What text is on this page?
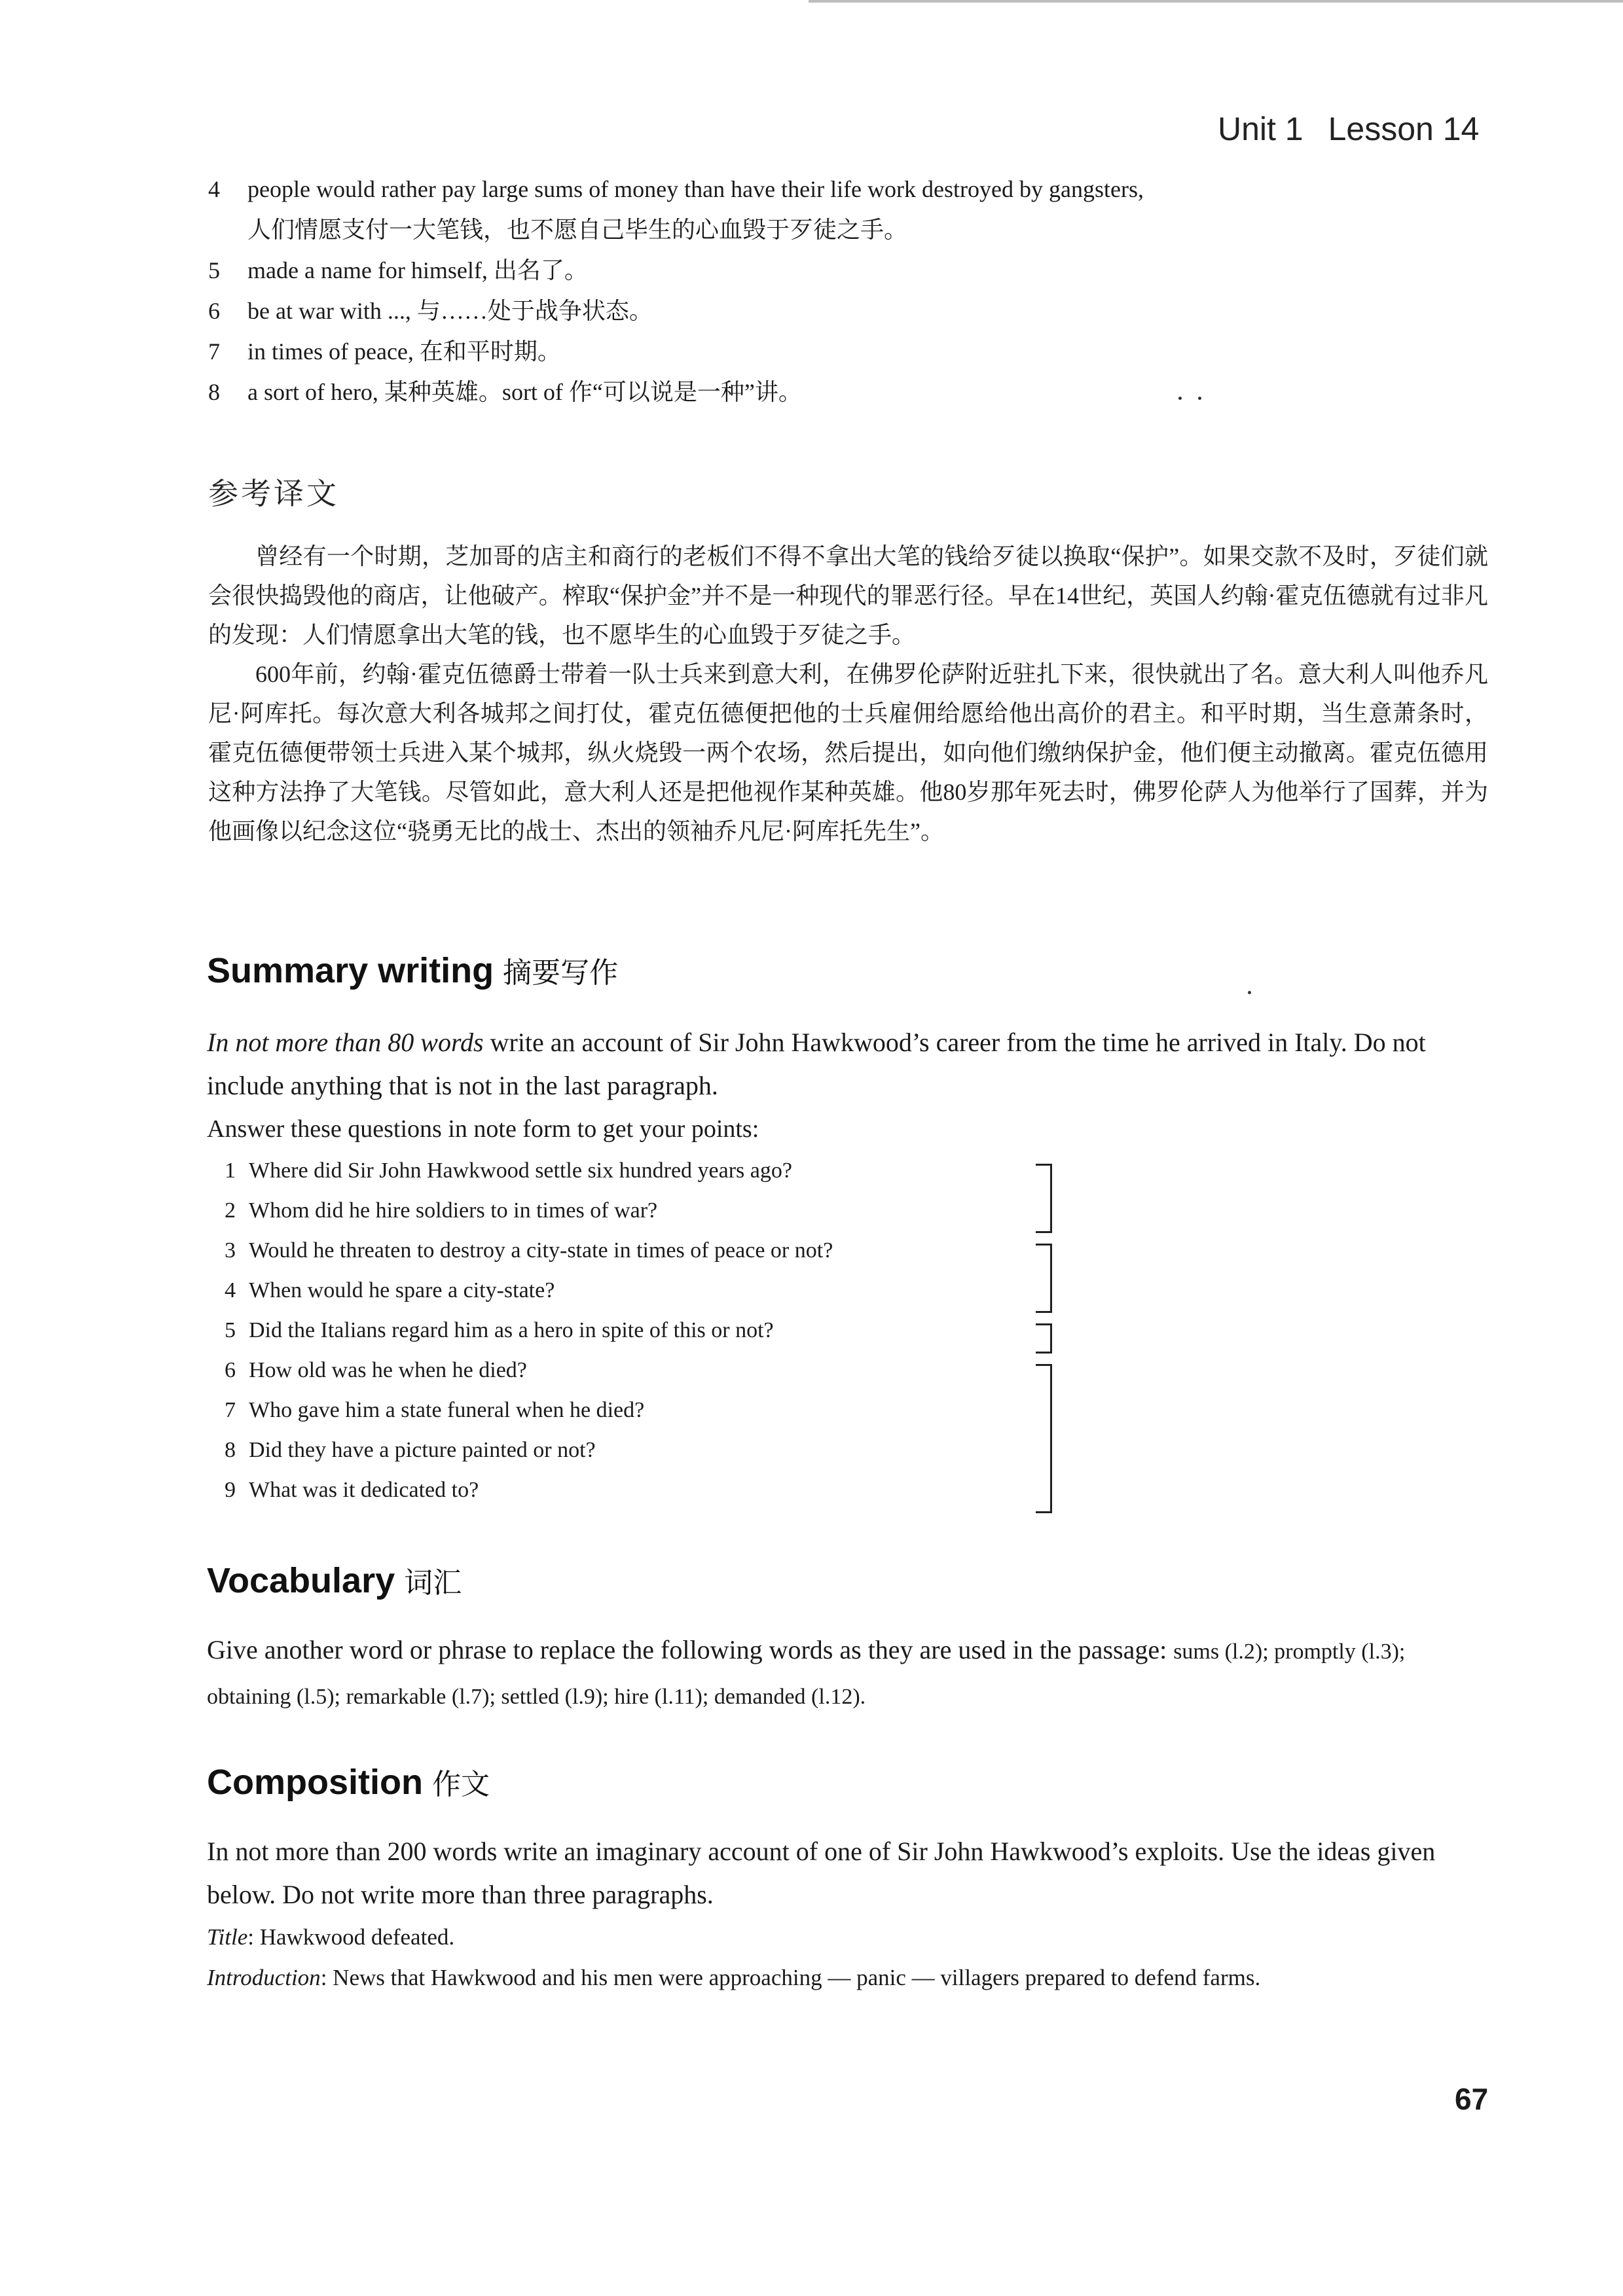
Unit 1 Lesson 14
4 people would rather pay large sums of money than have their life work destroyed by gangsters,
人们情愿支付一大笔钱，也不愿自己毕生的心血毁于歹徒之手。
5 made a name for himself, 出名了。
6 be at war with ..., 与……处于战争状态。
7 in times of peace, 在和平时期。
8 a sort of hero, 某种英雄。sort of 作“可以说是一种”讲。
参考译文

曾经有一个时期，芝加哥的店主和商行的老板们不得不拿出大笔的钱给歹徒以换取“保护”。如果交款不及时，歹徒们就会很快捣毁他的商店，让他破产。榨取“保护金”并不是一种现代的罪恶行径。早在14世纪，英国人约翰·霍克伍德就有过非凡的发现：人们情愿拿出大笔的钱，也不愿毕生的心血毁于歹徒之手。

600年前，约翰·霍克伍德爵士带着一队士兵来到意大利，在佛罗伦萨附近驻扎下来，很快就出了名。意大利人叫他乔凡尼·阿库托。每次意大利各城邦之间打仗，霍克伍德便把他的士兵雇佣给愿给他出高价的君主。和平时期，当生意萧条时，霍克伍德便带领士兵进入某个城邦，纵火烧毁一两个农场，然后提出，如向他们缴纳保护金，他们便主动撤离。霍克伍德用这种方法挣了大笔钱。尽管如此，意大利人还是把他视作某种英雄。他80岁那年死去时，佛罗伦萨人为他举行了国葬，并为他画像以纪念这位“骁勇无比的战士、杰出的领袖乔凡尼·阿库托先生”。

Summary writing 摘要写作
In not more than 80 words write an account of Sir John Hawkwood’s career from the time he arrived in Italy. Do not include anything that is not in the last paragraph.
Answer these questions in note form to get your points:
1 Where did Sir John Hawkwood settle six hundred years ago?
2 Whom did he hire soldiers to in times of war?
3 Would he threaten to destroy a city-state in times of peace or not?
4 When would he spare a city-state?
5 Did the Italians regard him as a hero in spite of this or not?
6 How old was he when he died?
7 Who gave him a state funeral when he died?
8 Did they have a picture painted or not?
9 What was it dedicated to?
Vocabulary 词汇
Give another word or phrase to replace the following words as they are used in the passage: sums (l.2); promptly (l.3); obtaining (l.5); remarkable (l.7); settled (l.9); hire (l.11); demanded (l.12).
Composition 作文
In not more than 200 words write an imaginary account of one of Sir John Hawkwood’s exploits. Use the ideas given below. Do not write more than three paragraphs.
Title: Hawkwood defeated.
Introduction: News that Hawkwood and his men were approaching — panic — villagers prepared to defend farms.
67
